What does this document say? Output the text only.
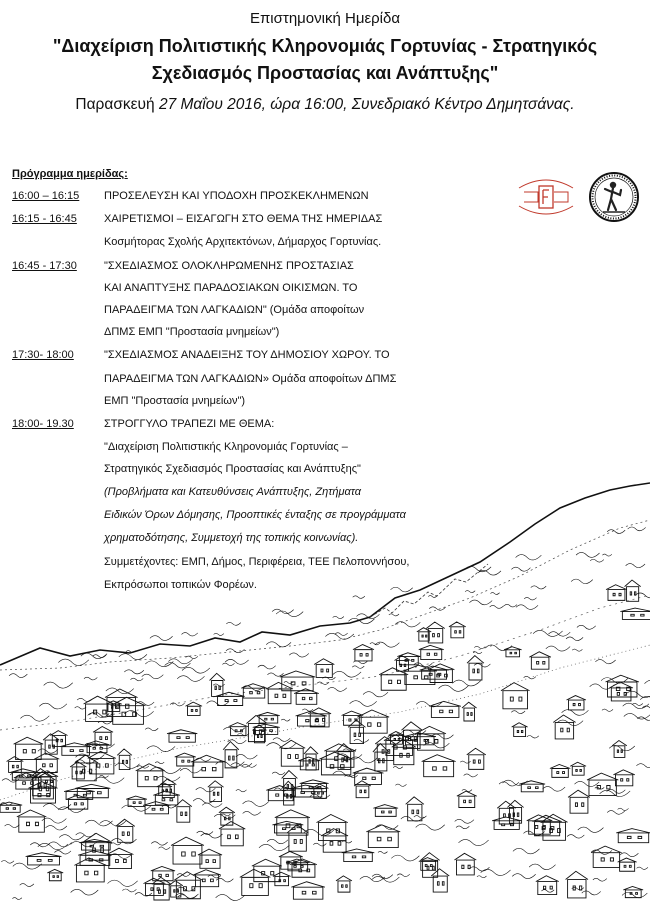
Επιστημονική Ημερίδα
"Διαχείριση Πολιτιστικής Κληρονομιάς Γορτυνίας - Στρατηγικός
Σχεδιασμός Προστασίας και Ανάπτυξης"
Παρασκευή 27 Μαΐου 2016, ώρα 16:00, Συνεδριακό Κέντρο Δημητσάνας.
Πρόγραμμα ημερίδας:
16:00 – 16:15 ΠΡΟΣΕΛΕΥΣΗ ΚΑΙ ΥΠΟΔΟΧΗ ΠΡΟΣΚΕΚΛΗΜΕΝΩΝ
16:15 - 16:45 ΧΑΙΡΕΤΙΣΜΟΙ – ΕΙΣΑΓΩΓΗ ΣΤΟ ΘΕΜΑ ΤΗΣ ΗΜΕΡΙΔΑΣ
Κοσμήτορας Σχολής Αρχιτεκτόνων, Δήμαρχος Γορτυνίας.
16:45 - 17:30 "ΣΧΕΔΙΑΣΜΟΣ ΟΛΟΚΛΗΡΩΜΕΝΗΣ ΠΡΟΣΤΑΣΙΑΣ
ΚΑΙ ΑΝΑΠΤΥΞΗΣ ΠΑΡΑΔΟΣΙΑΚΩΝ ΟΙΚΙΣΜΩΝ. ΤΟ
ΠΑΡΑΔΕΙΓΜΑ ΤΩΝ ΛΑΓΚΑΔΙΩΝ" (Ομάδα αποφοίτων
ΔΠΜΣ ΕΜΠ "Προστασία μνημείων")
17:30- 18:00	"ΣΧΕΔΙΑΣΜΟΣ ΑΝΑΔΕΙΞΗΣ ΤΟΥ ΔΗΜΟΣΙΟΥ ΧΩΡΟΥ. ΤΟ
ΠΑΡΑΔΕΙΓΜΑ ΤΩΝ ΛΑΓΚΑΔΙΩΝ» Ομάδα αποφοίτων ΔΠΜΣ
ΕΜΠ "Προστασία μνημείων")
18:00- 19.30	ΣΤΡΟΓΓΥΛΟ ΤΡΑΠΕΖΙ ΜΕ ΘΕΜΑ:
"Διαχείριση Πολιτιστικής Κληρονομιάς Γορτυνίας –
Στρατηγικός Σχεδιασμός Προστασίας και Ανάπτυξης"
(Προβλήματα και Κατευθύνσεις Ανάπτυξης, Ζητήματα
Ειδικών Όρων Δόμησης, Προοπτικές ένταξης σε προγράμματα
χρηματοδότησης, Συμμετοχή της τοπικής κοινωνίας).
Συμμετέχοντες: ΕΜΠ, Δήμος, Περιφέρεια, ΤΕΕ Πελοποννήσου,
Εκπρόσωποι τοπικών Φορέων.
